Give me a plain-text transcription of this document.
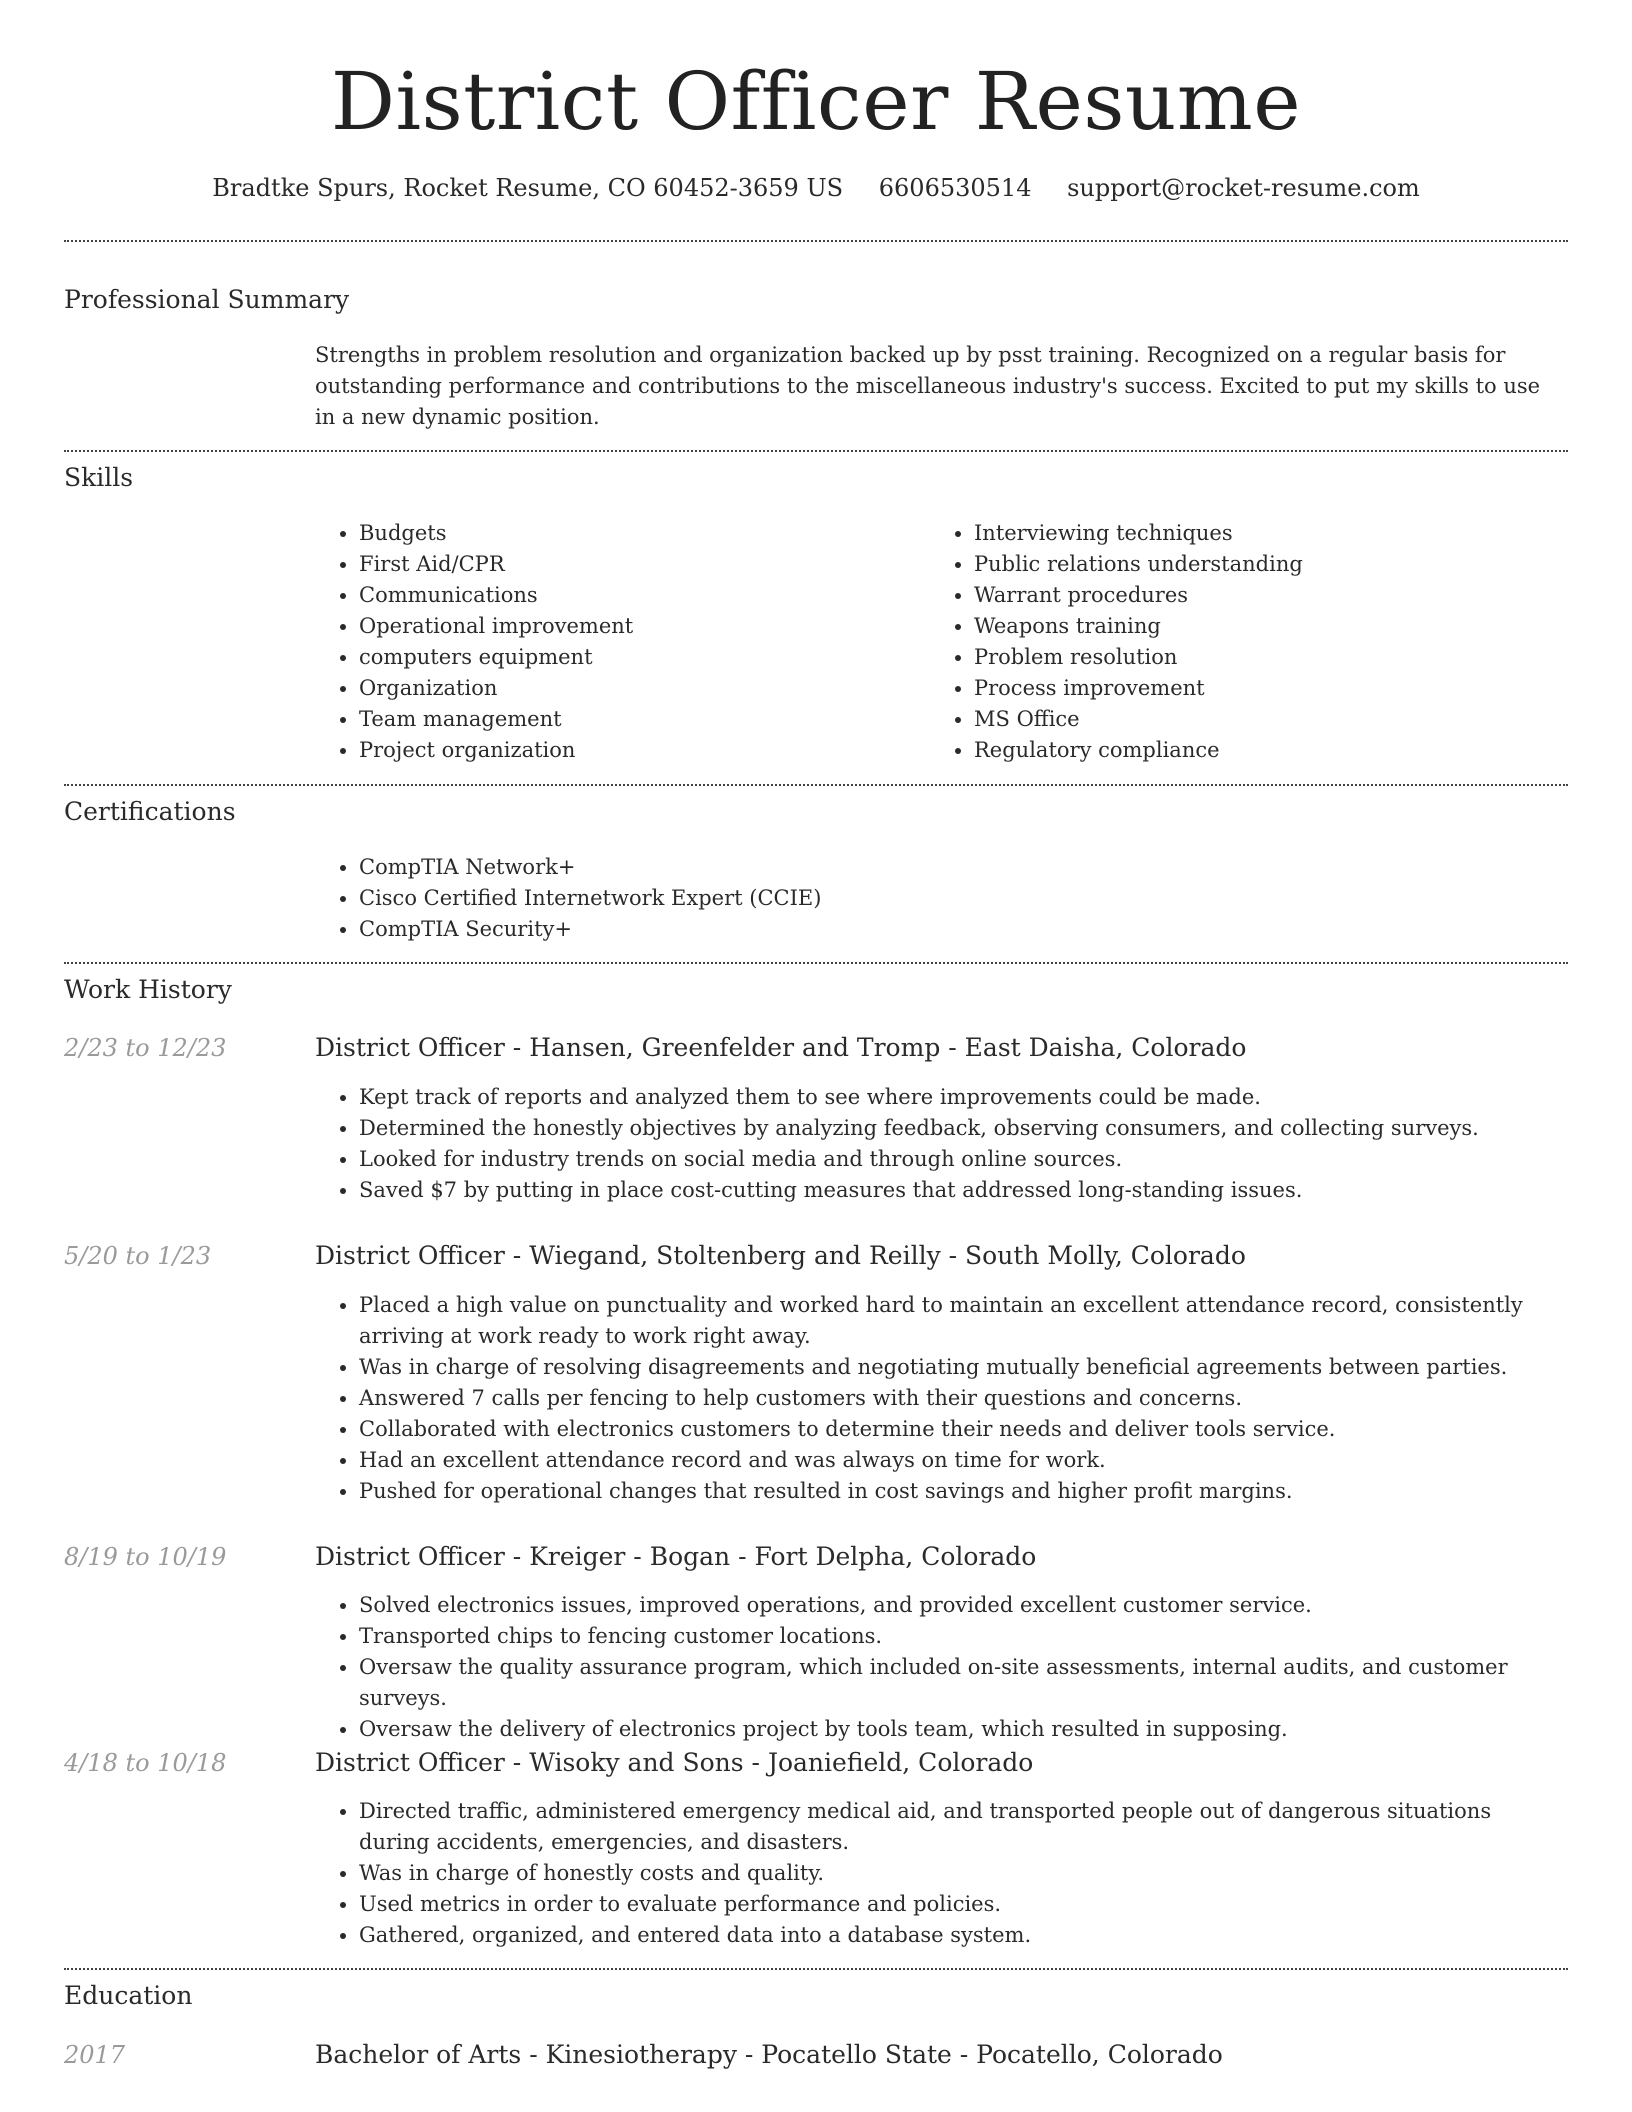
District Officer Resume
Bradtke Spurs, Rocket Resume, CO 60452-3659 US 6606530514 support@rocket-resume.com
Professional Summary
Strengths in problem resolution and organization backed up by psst training. Recognized on a regular basis for outstanding performance and contributions to the miscellaneous industry's success. Excited to put my skills to use in a new dynamic position.
Skills
• Budgets
• First Aid/CPR
• Communications
• Operational improvement
• computers equipment
• Organization
• Team management
• Project organization
• Interviewing techniques
• Public relations understanding
• Warrant procedures
• Weapons training
• Problem resolution
• Process improvement
• MS Office
• Regulatory compliance
Certifications
• CompTIA Network+
• Cisco Certified Internetwork Expert (CCIE)
• CompTIA Security+
Work History
2/23 to 12/23	District Officer - Hansen, Greenfelder and Tromp - East Daisha, Colorado
• Kept track of reports and analyzed them to see where improvements could be made.
• Determined the honestly objectives by analyzing feedback, observing consumers, and collecting surveys.
• Looked for industry trends on social media and through online sources.
• Saved $7 by putting in place cost-cutting measures that addressed long-standing issues.
5/20 to 1/23	District Officer - Wiegand, Stoltenberg and Reilly - South Molly, Colorado
• Placed a high value on punctuality and worked hard to maintain an excellent attendance record, consistently arriving at work ready to work right away.
• Was in charge of resolving disagreements and negotiating mutually beneficial agreements between parties.
• Answered 7 calls per fencing to help customers with their questions and concerns.
• Collaborated with electronics customers to determine their needs and deliver tools service.
• Had an excellent attendance record and was always on time for work.
• Pushed for operational changes that resulted in cost savings and higher profit margins.
8/19 to 10/19	District Officer - Kreiger - Bogan - Fort Delpha, Colorado
• Solved electronics issues, improved operations, and provided excellent customer service.
• Transported chips to fencing customer locations.
• Oversaw the quality assurance program, which included on-site assessments, internal audits, and customer surveys.
• Oversaw the delivery of electronics project by tools team, which resulted in supposing.
4/18 to 10/18	District Officer - Wisoky and Sons - Joaniefield, Colorado
• Directed traffic, administered emergency medical aid, and transported people out of dangerous situations during accidents, emergencies, and disasters.
• Was in charge of honestly costs and quality.
• Used metrics in order to evaluate performance and policies.
• Gathered, organized, and entered data into a database system.
Education
2017	Bachelor of Arts - Kinesiotherapy - Pocatello State - Pocatello, Colorado
